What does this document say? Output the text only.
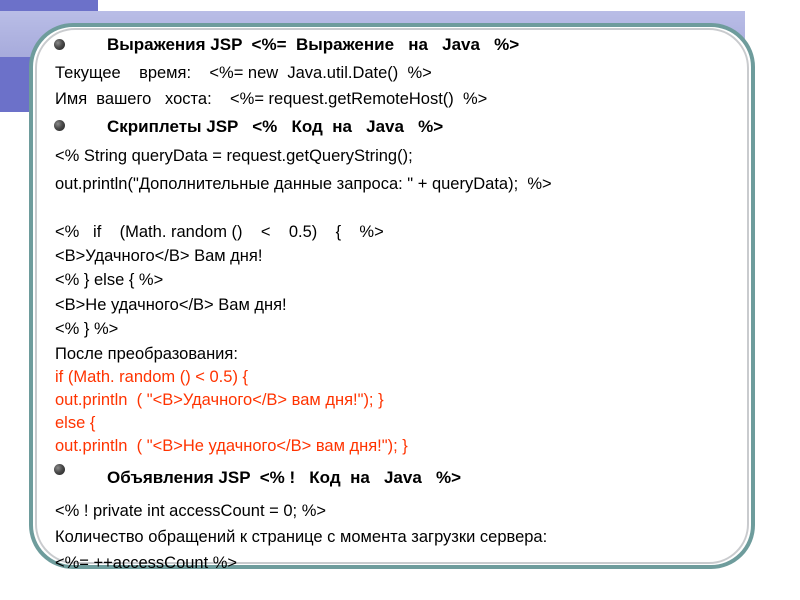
Выражения JSP  <%=  Выражение   на   Java   %>
Текущее    время:    <%= new  Java.util.Date()  %>
Имя  вашего   хоста:    <%= request.getRemoteHost()  %>
Скриплеты JSP   <%   Код  на   Java   %>
<% String queryData = request.getQueryString();
out.println("Дополнительные данные запроса: " + queryData);  %>
<%   if    (Math. random ()    <    0.5)    {    %>
<B>Удачного</B> Вам дня!
<% } else { %>
<B>Не удачного</B> Вам дня!
<% } %>
После преобразования:
if (Math. random () < 0.5) {
out.println  ( "<B>Удачного</B> вам дня!"); }
else {
out.println  ( "<B>Не удачного</B> вам дня!"); }
Объявления JSP  <% !   Код  на   Java   %>
<% ! private int accessCount = 0; %>
Количество обращений к странице с момента загрузки сервера:
<%= ++accessCount %>
